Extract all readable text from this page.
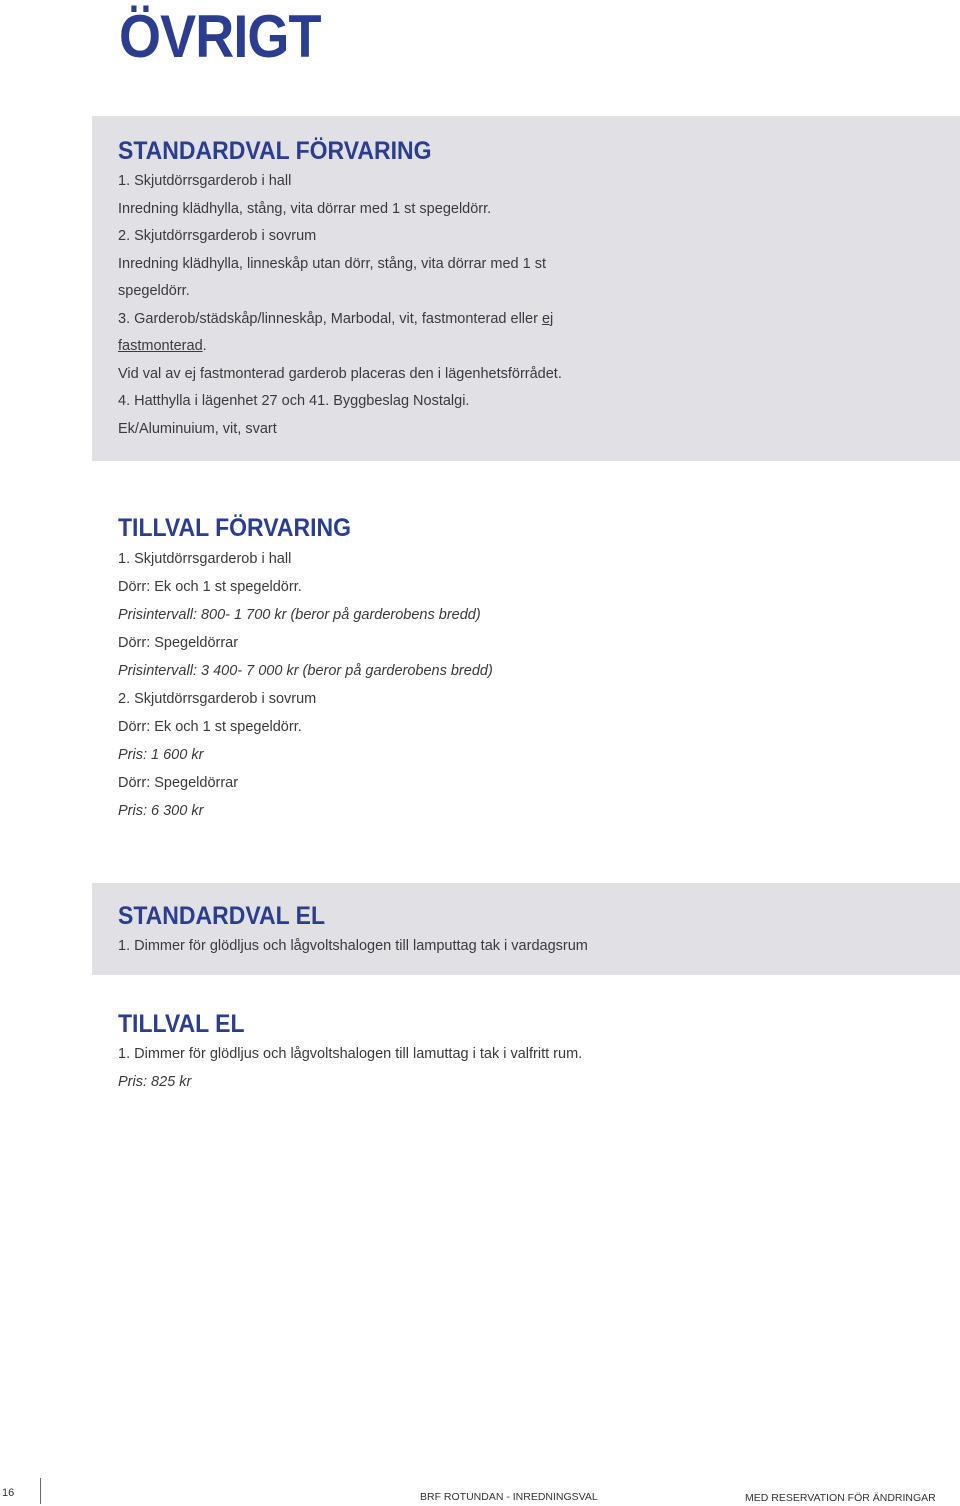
ÖVRIGT
STANDARDVAL FÖRVARING
1. Skjutdörrsgarderob i hall
Inredning klädhylla, stång, vita dörrar med 1 st spegeldörr.
2. Skjutdörrsgarderob i sovrum
Inredning klädhylla, linneskåp utan dörr, stång, vita dörrar med 1 st
spegeldörr.
3. Garderob/städskåp/linneskåp, Marbodal, vit, fastmonterad eller ej
fastmonterad.
Vid val av ej fastmonterad garderob placeras den i lägenhetsförrådet.
4. Hatthylla i lägenhet 27 och 41. Byggbeslag Nostalgi.
Ek/Aluminuium, vit, svart
TILLVAL FÖRVARING
1. Skjutdörrsgarderob i hall
Dörr: Ek och 1 st spegeldörr.
Prisintervall: 800- 1 700 kr (beror på garderobens bredd)
Dörr: Spegeldörrar
Prisintervall: 3 400- 7 000 kr (beror på garderobens bredd)
2. Skjutdörrsgarderob i sovrum
Dörr: Ek och 1 st spegeldörr.
Pris: 1 600 kr
Dörr: Spegeldörrar
Pris: 6 300 kr
STANDARDVAL EL
1. Dimmer för glödljus och lågvoltshalogen till lamputtag tak i vardagsrum
TILLVAL EL
1. Dimmer för glödljus och lågvoltshalogen till lamuttag i tak i valfritt rum.
Pris: 825 kr
16	BRF ROTUNDAN - INREDNINGSVAL	MED RESERVATION FÖR ÄNDRINGAR
